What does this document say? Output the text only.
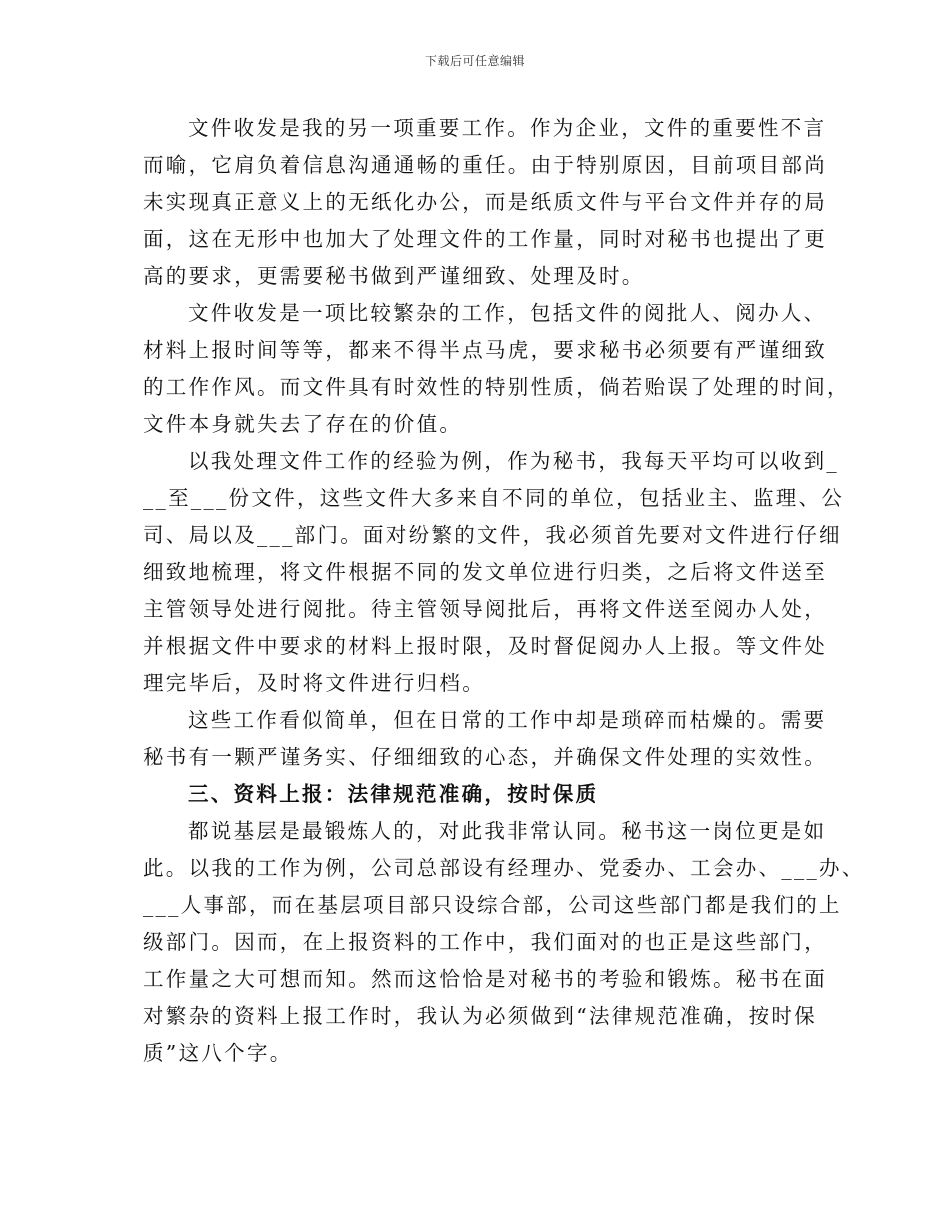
下载后可任意编辑
文件收发是我的另一项重要工作。作为企业，文件的重要性不言
而喻，它肩负着信息沟通通畅的重任。由于特别原因，目前项目部尚
未实现真正意义上的无纸化办公，而是纸质文件与平台文件并存的局
面，这在无形中也加大了处理文件的工作量，同时对秘书也提出了更
高的要求，更需要秘书做到严谨细致、处理及时。
文件收发是一项比较繁杂的工作，包括文件的阅批人、阅办人、
材料上报时间等等，都来不得半点马虎，要求秘书必须要有严谨细致
的工作作风。而文件具有时效性的特别性质，倘若贻误了处理的时间，
文件本身就失去了存在的价值。
以我处理文件工作的经验为例，作为秘书，我每天平均可以收到_
__至___份文件，这些文件大多来自不同的单位，包括业主、监理、公
司、局以及___部门。面对纷繁的文件，我必须首先要对文件进行仔细
细致地梳理，将文件根据不同的发文单位进行归类，之后将文件送至
主管领导处进行阅批。待主管领导阅批后，再将文件送至阅办人处，
并根据文件中要求的材料上报时限，及时督促阅办人上报。等文件处
理完毕后，及时将文件进行归档。
这些工作看似简单，但在日常的工作中却是琐碎而枯燥的。需要
秘书有一颗严谨务实、仔细细致的心态，并确保文件处理的实效性。
三、资料上报：法律规范准确，按时保质
都说基层是最锻炼人的，对此我非常认同。秘书这一岗位更是如
此。以我的工作为例，公司总部设有经理办、党委办、工会办、___办、
___人事部，而在基层项目部只设综合部，公司这些部门都是我们的上
级部门。因而，在上报资料的工作中，我们面对的也正是这些部门，
工作量之大可想而知。然而这恰恰是对秘书的考验和锻炼。秘书在面
对繁杂的资料上报工作时，我认为必须做到“法律规范准确，按时保
质”这八个字。
